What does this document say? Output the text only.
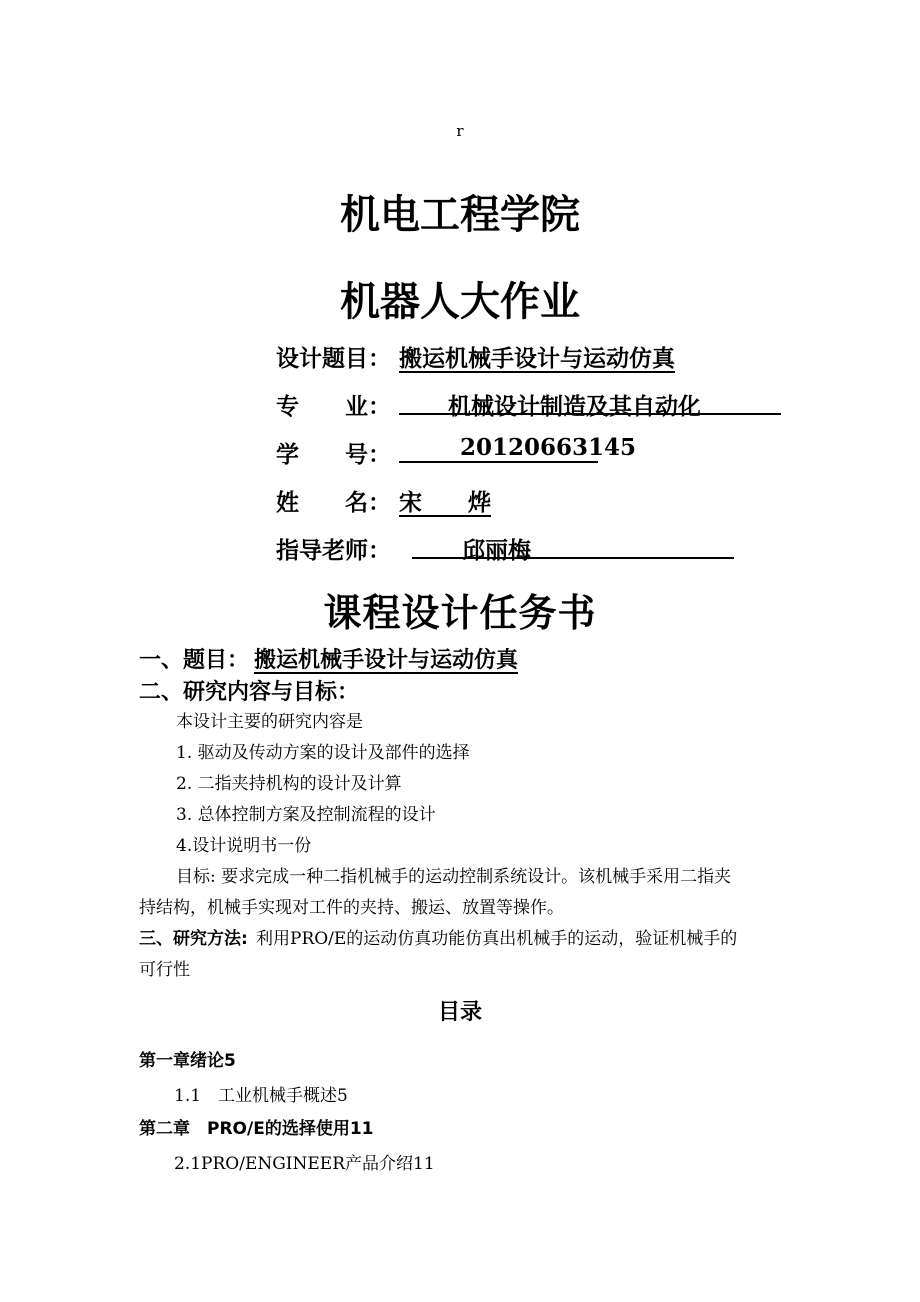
r
机电工程学院
机器人大作业
设计题目： 搬运机械手设计与运动仿真
专　　业： 机械设计制造及其自动化
学　　号：	20120663145
姓　　名： 宋　　烨
指导老师：	邱丽梅
课程设计任务书
一、题目： 搬运机械手设计与运动仿真
二、研究内容与目标：
本设计主要的研究内容是
1. 驱动及传动方案的设计及部件的选择
2. 二指夹持机构的设计及计算
3. 总体控制方案及控制流程的设计
4.设计说明书一份
目标: 要求完成一种二指机械手的运动控制系统设计。该机械手采用二指夹
持结构，机械手实现对工件的夹持、搬运、放置等操作。
三、研究方法: 利用PRO/E的运动仿真功能仿真出机械手的运动，验证机械手的
可行性
目录
第一章绪论5
1.1　工业机械手概述5
第二章　PRO/E的选择使用11
2.1PRO/ENGINEER产品介绍11
